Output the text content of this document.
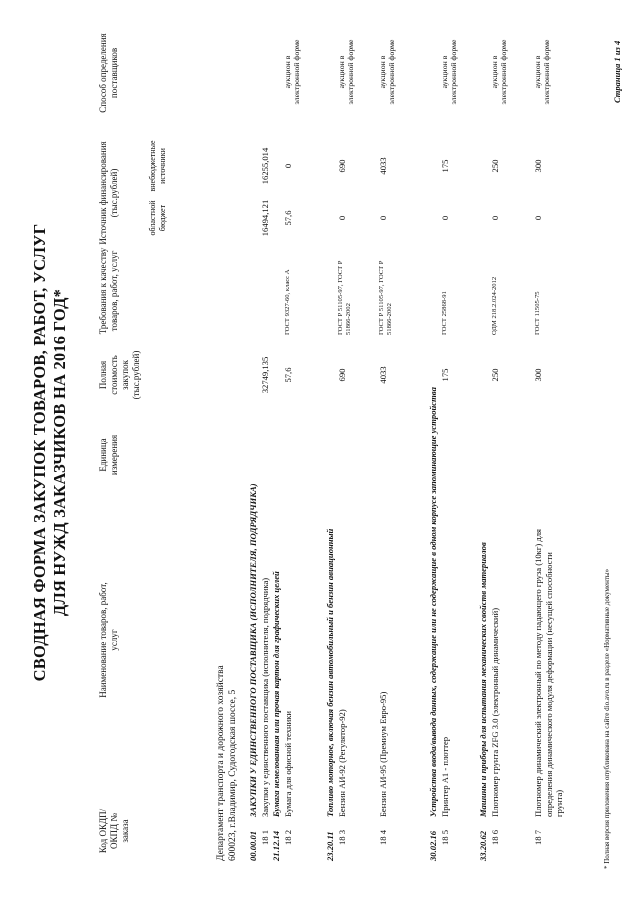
СВОДНАЯ ФОРМА ЗАКУПОК ТОВАРОВ, РАБОТ, УСЛУГ ДЛЯ НУЖД ЗАКАЗЧИКОВ НА 2016 ГОД*
Код ОКДП/ ОКПД № заказа
Наименование товаров, работ, услуг
Единица измерения
Полная стоимость закупок (тыс.рублей)
Требования к качеству товаров, работ, услуг
Источник финансирования (тыс.рублей)
областной бюджет
внебюджетные источники
Способ определения поставщиков
Департамент транспорта и дорожного хозяйства 600023, г.Владимир, Судогодская шоссе, 5 00.00.01
ЗАКУПКИ У ЕДИНСТВЕННОГО ПОСТАВЩИКА (ИСПОЛНИТЕЛЯ, ПОДРЯДЧИКА)
18 1
Закупки у единственного поставщика (исполнителя, подрядчика)
32749,135
16494,121
16255,014
21.12.14
Бумага немелованная или прочая картон для графических целей
18 2
Бумага для офисной техники
57,6
ГОСТ 9327-60, класс А
57,6
0
аукцион в электронной форме
23.20.11
Топливо моторное, включая бензин автомобильный и бензин авиационный
18 3
Бензин АИ-92 (Регулятор-92)
690
ГОСТ Р 51105-97, ГОСТ Р 51866-2002
0
690
аукцион в электронной форме
18 4
Бензин АИ-95 (Премиум Евро-95)
4033
ГОСТ Р 51105-97, ГОСТ Р 51866-2002
0
4033
аукцион в электронной форме
30.02.16
Устройства ввода/вывода данных, содержащие или не содержащие в одном корпусе запоминающие устройства
18 5
Принтер А1 - плоттер
175
ГОСТ 25868-91
0
175
аукцион в электронной форме
33.20.62
Машины и приборы для испытания механических свойств материалов
18 6
Плотномер грунта ZFG 3.0 (электронный динамический)
250
ОДМ 218.2.024-2012
0
250
аукцион в электронной форме
18 7
Плотномер динамический электронный по методу падающего груза (10кг) для определения динамического модуля деформации (несущей способности грунта)
300
ГОСТ 11505-75
0
300
аукцион в электронной форме
* Полная версия приложения опубликована на сайте dio.avo.ru в разделе «Нормативные документы»
Страница 1 из 4
